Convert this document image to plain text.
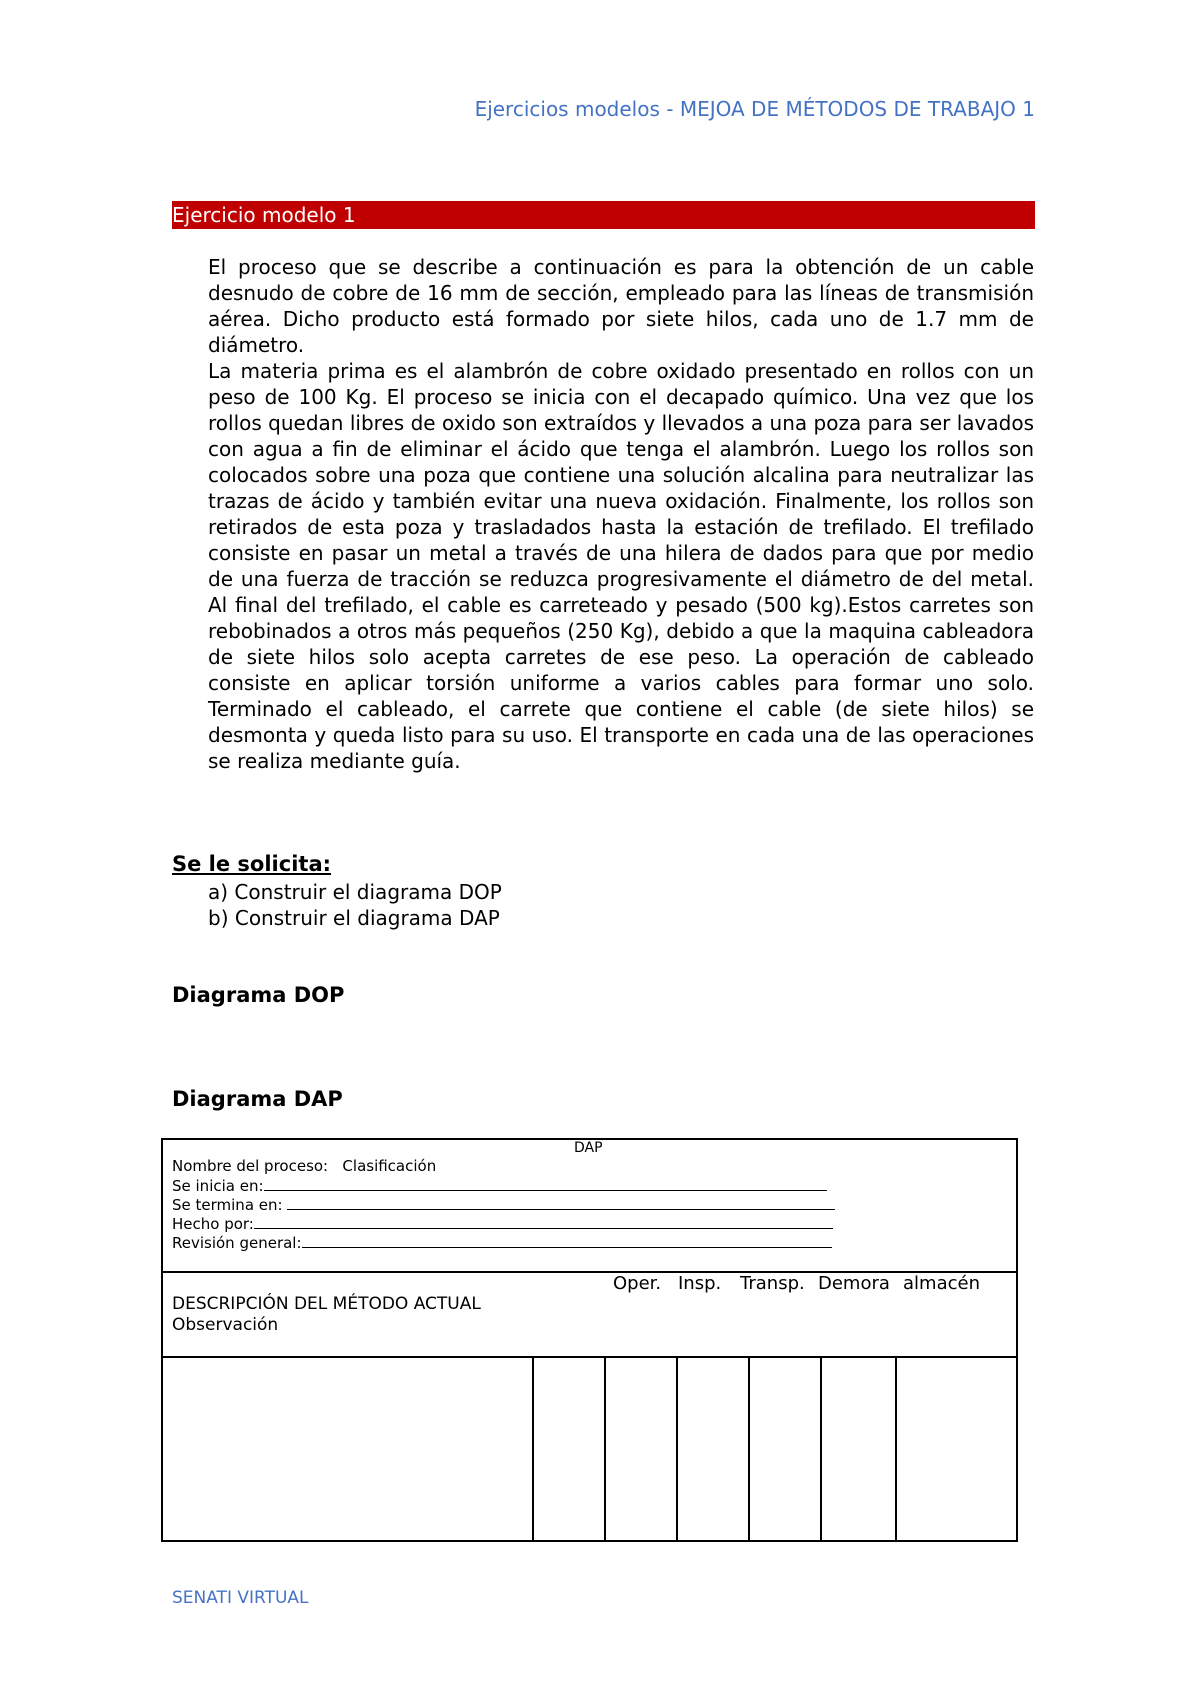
Ejercicios modelos - MEJOA DE MÉTODOS DE TRABAJO 1
Ejercicio modelo 1

El proceso que se describe a continuación es para la obtención de un cable desnudo de cobre de 16 mm de sección, empleado para las líneas de transmisión aérea. Dicho producto está formado por siete hilos, cada uno de 1.7 mm de diámetro.

La materia prima es el alambrón de cobre oxidado presentado en rollos con un peso de 100 Kg. El proceso se inicia con el decapado químico. Una vez que los rollos quedan libres de oxido son extraídos y llevados a una poza para ser lavados con agua a fin de eliminar el ácido que tenga el alambrón. Luego los rollos son colocados sobre una poza que contiene una solución alcalina para neutralizar las trazas de ácido y también evitar una nueva oxidación. Finalmente, los rollos son retirados de esta poza y trasladados hasta la estación de trefilado. El trefilado consiste en pasar un metal a través de una hilera de dados para que por medio de una fuerza de tracción se reduzca progresivamente el diámetro de del metal. Al final del trefilado, el cable es carreteado y pesado (500 kg).Estos carretes son rebobinados a otros más pequeños (250 Kg), debido a que la maquina cableadora de siete hilos solo acepta carretes de ese peso. La operación de cableado consiste en aplicar torsión uniforme a varios cables para formar uno solo. Terminado el cableado, el carrete que contiene el cable (de siete hilos) se desmonta y queda listo para su uso. El transporte en cada una de las operaciones se realiza mediante guía.

Se le solicita:
a) Construir el diagrama DOP
b) Construir el diagrama DAP
Diagrama DOP
Diagrama DAP
DAP
Nombre del proceso: Clasificación
Se inicia en:
Se termina en:
Hecho por:
Revisión general:
Oper. Insp. Transp. Demora almacén
DESCRIPCIÓN DEL MÉTODO ACTUAL
Observación
SENATI VIRTUAL
